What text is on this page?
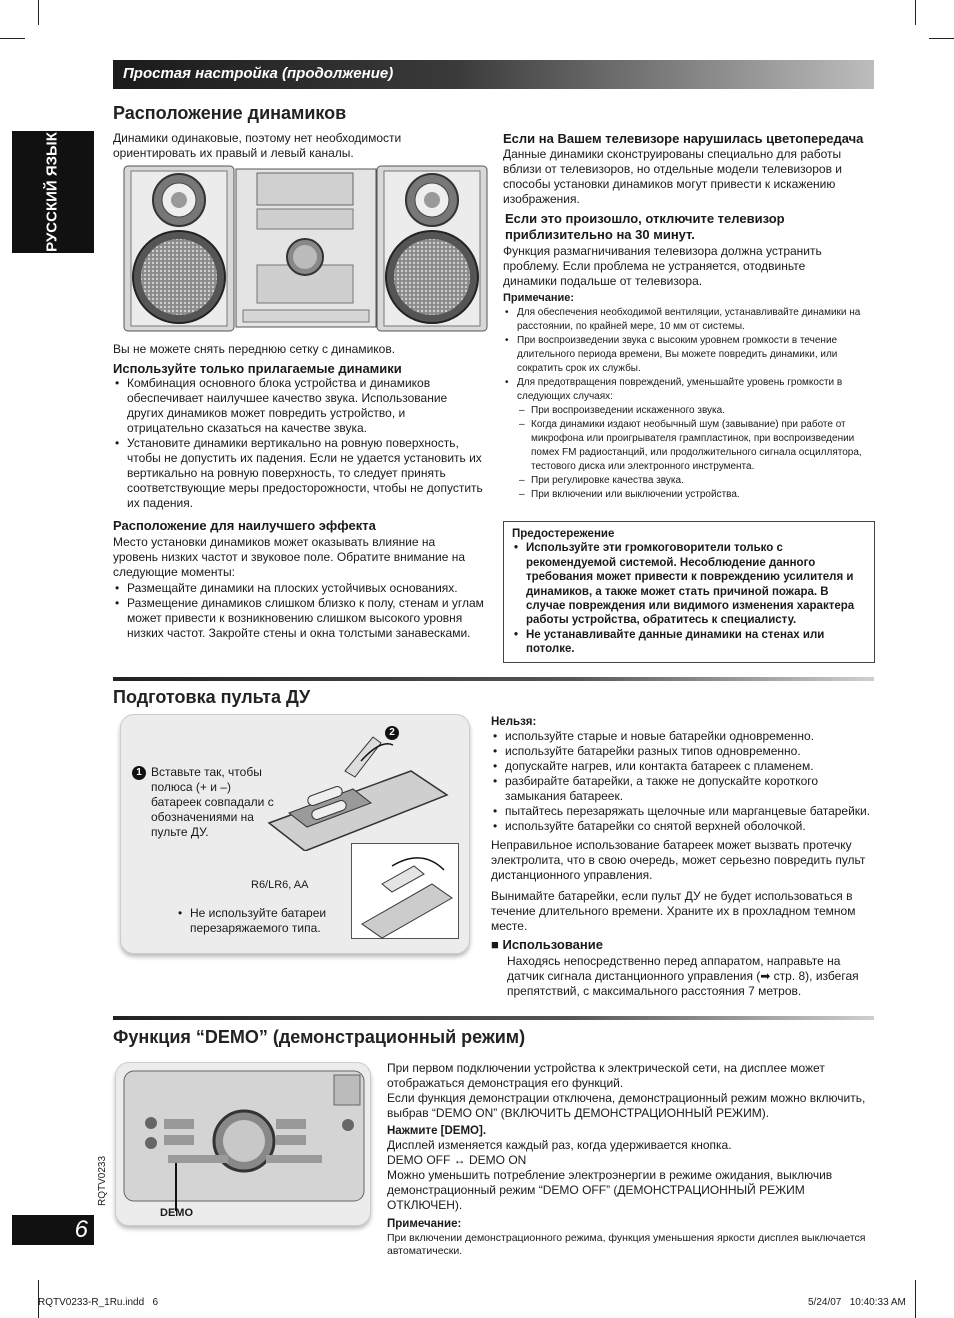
Простая настройка (продолжение)
РУССКИЙ ЯЗЫК
Расположение динамиков

Динамики одинаковые, поэтому нет необходимости ориентировать их правый и левый каналы.

Вы не можете снять переднюю сетку с динамиков.

Используйте только прилагаемые динамики
• Комбинация основного блока устройства и динамиков обеспечивает наилучшее качество звука. Использование других динамиков может повредить устройство, и отрицательно сказаться на качестве звука.
• Установите динамики вертикально на ровную поверхность, чтобы не допустить их падения. Если не удается установить их вертикально на ровную поверхность, то следует принять соответствующие меры предосторожности, чтобы не допустить их падения.
Расположение для наилучшего эффекта

Место установки динамиков может оказывать влияние на уровень низких частот и звуковое поле. Обратите внимание на следующие моменты:

• Размещайте динамики на плоских устойчивых основаниях.
• Размещение динамиков слишком близко к полу, стенам и углам может привести к возникновению слишком высокого уровня низких частот. Закройте стены и окна толстыми занавесками.
Если на Вашем телевизоре нарушилась цветопередача

Данные динамики сконструированы специально для работы вблизи от телевизоров, но отдельные модели телевизоров и способы установки динамиков могут привести к искажению изображения.

Если это произошло, отключите телевизор приблизительно на 30 минут.

Функция размагничивания телевизора должна устранить проблему. Если проблема не устраняется, отодвиньте динамики подальше от телевизора.

Примечание:
• Для обеспечения необходимой вентиляции, устанавливайте динамики на расстоянии, по крайней мере, 10 мм от системы.
• При воспроизведении звука с высоким уровнем громкости в течение длительного периода времени, Вы можете повредить динамики, или сократить срок их службы.
• Для предотвращения повреждений, уменьшайте уровень громкости в следующих случаях:
– При воспроизведении искаженного звука.
– Когда динамики издают необычный шум (завывание) при работе от микрофона или проигрывателя грампластинок, при воспроизведении помех FM радиостанций, или продолжительного сигнала осциллятора, тестового диска или электронного инструмента.
– При регулировке качества звука.
– При включении или выключении устройства.
Предостережение
• Используйте эти громкоговорители только с рекомендуемой системой. Несоблюдение данного требования может привести к повреждению усилителя и динамиков, а также может стать причиной пожара. В случае повреждения или видимого изменения характера работы устройства, обратитесь к специалисту.
• Не устанавливайте данные динамики на стенах или потолке.
Подготовка пульта ДУ
1 Вставьте так, чтобы полюса (+ и –) батареек совпадали с обозначениями на пульте ДУ.

2
R6/LR6, AA
• Не используйте батареи перезаряжаемого типа.
Нельзя:
• используйте старые и новые батарейки одновременно.
• используйте батарейки разных типов одновременно.
• допускайте нагрев, или контакта батареек с пламенем.
• разбирайте батарейки, а также не допускайте короткого замыкания батареек.
• пытайтесь перезаряжать щелочные или марганцевые батарейки.
• используйте батарейки со снятой верхней оболочкой.

Неправильное использование батареек может вызвать протечку электролита, что в свою очередь, может серьезно повредить пульт дистанционного управления.

Вынимайте батарейки, если пульт ДУ не будет использоваться в течение длительного времени. Храните их в прохладном темном месте.

■ Использование

Находясь непосредственно перед аппаратом, направьте на датчик сигнала дистанционного управления (➡ стр. 8), избегая препятствий, с максимального расстояния 7 метров.

Функция “DEMO” (демонстрационный режим)
DEMO

При первом подключении устройства к электрической сети, на дисплее может отображаться демонстрация его функций.

Если функция демонстрации отключена, демонстрационный режим можно включить, выбрав “DEMO ON” (ВКЛЮЧИТЬ ДЕМОНСТРАЦИОННЫЙ РЕЖИМ).

Нажмите [DEMO].

Дисплей изменяется каждый раз, когда удерживается кнопка.

DEMO OFF ↔ DEMO ON

Можно уменьшить потребление электроэнергии в режиме ожидания, выключив демонстрационный режим “DEMO OFF” (ДЕМОНСТРАЦИОННЫЙ РЕЖИМ ОТКЛЮЧЕН).

Примечание:

При включении демонстрационного режима, функция уменьшения яркости дисплея выключается автоматически.

RQTV0233
6
RQTV0233-R_1Ru.indd   6	5/24/07   10:40:33 AM
